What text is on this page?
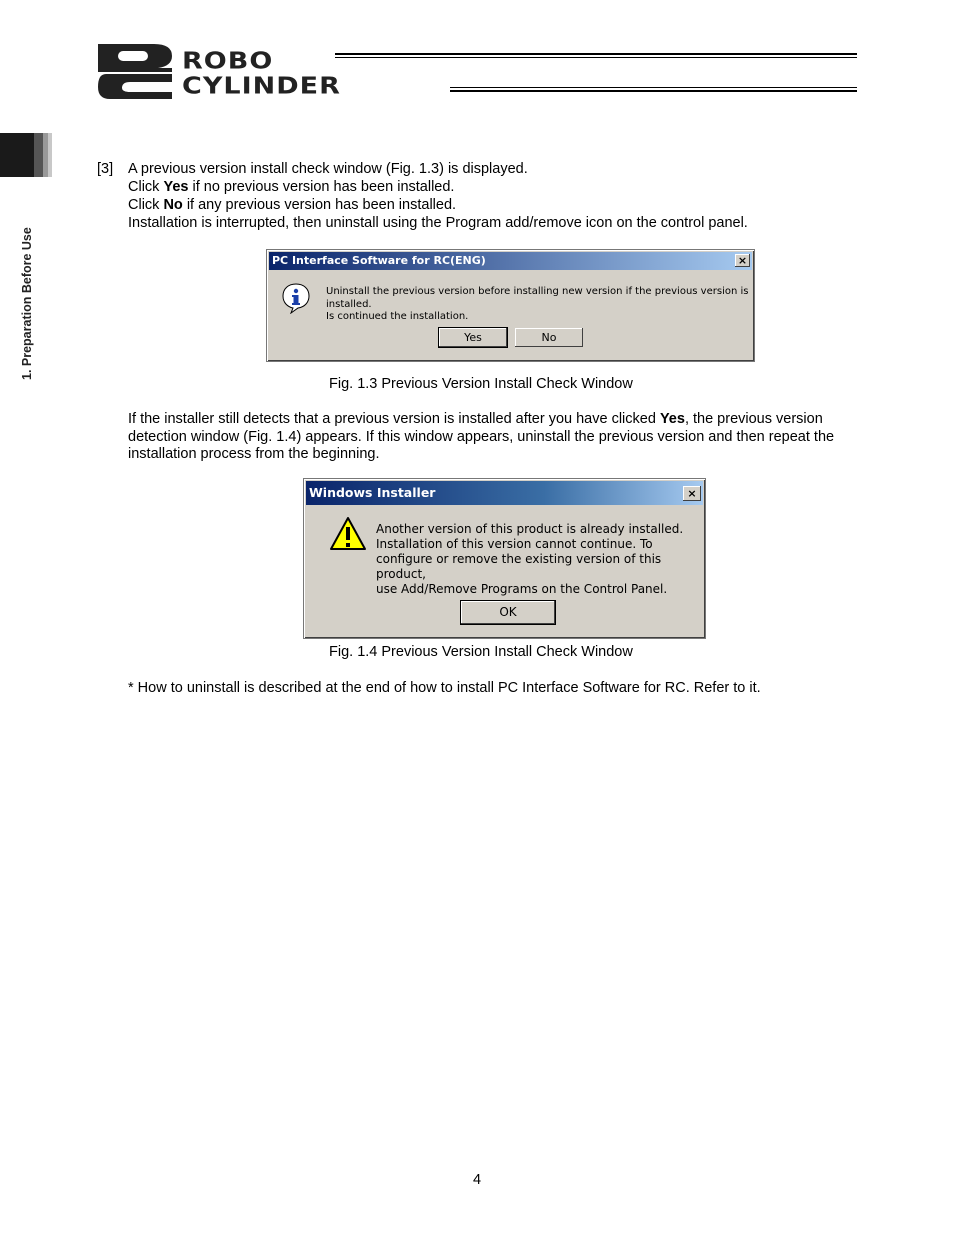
ROBO
CYLINDER
1. Preparation Before Use
[3] A previous version install check window (Fig. 1.3) is displayed.
Click Yes if no previous version has been installed.
Click No if any previous version has been installed.
Installation is interrupted, then uninstall using the Program add/remove icon on the control panel.
PC Interface Software for RC(ENG)	×
Uninstall the previous version before installing new version if the previous version is installed.
Is continued the installation.
Yes	No
Fig. 1.3 Previous Version Install Check Window
If the installer still detects that a previous version is installed after you have clicked Yes, the previous version detection window (Fig. 1.4) appears. If this window appears, uninstall the previous version and then repeat the installation process from the beginning.
Windows Installer	×
Another version of this product is already installed.
Installation of this version cannot continue. To
configure or remove the existing version of this product,
use Add/Remove Programs on the Control Panel.
OK
Fig. 1.4 Previous Version Install Check Window
* How to uninstall is described at the end of how to install PC Interface Software for RC. Refer to it.
4
